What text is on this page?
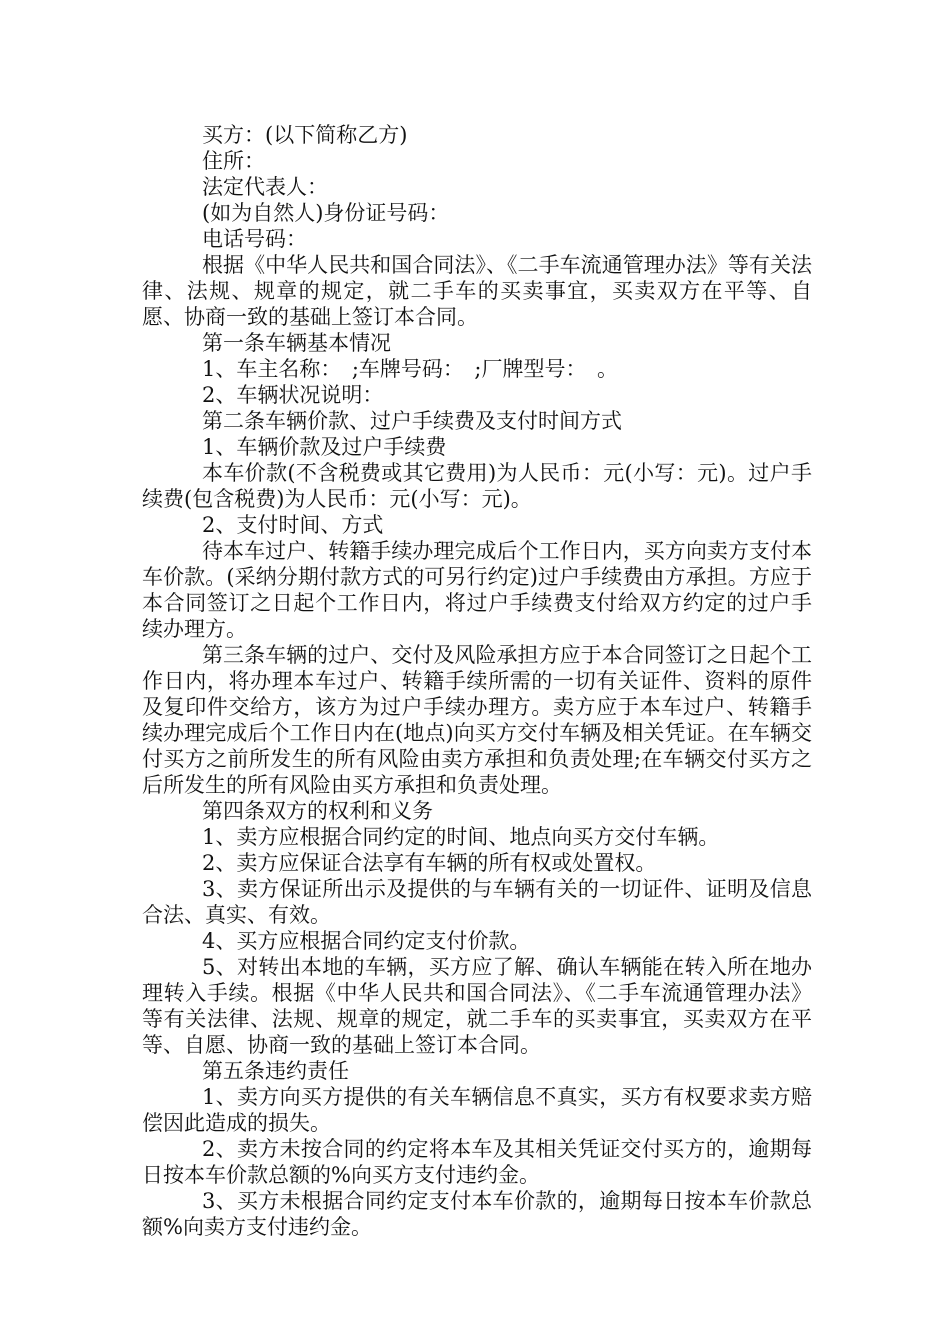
买方：(以下简称乙方)

住所：

法定代表人：

(如为自然人)身份证号码：

电话号码：

根据《中华人民共和国合同法》、《二手车流通管理办法》等有关法律、法规、规章的规定，就二手车的买卖事宜，买卖双方在平等、自愿、协商一致的基础上签订本合同。

第一条车辆基本情况

1、车主名称：　;车牌号码：　;厂牌型号：　。

2、车辆状况说明：

第二条车辆价款、过户手续费及支付时间方式

1、车辆价款及过户手续费

本车价款(不含税费或其它费用)为人民币：元(小写：元)。过户手续费(包含税费)为人民币：元(小写：元)。

2、支付时间、方式

待本车过户、转籍手续办理完成后个工作日内，买方向卖方支付本车价款。(采纳分期付款方式的可另行约定)过户手续费由方承担。方应于本合同签订之日起个工作日内，将过户手续费支付给双方约定的过户手续办理方。

第三条车辆的过户、交付及风险承担方应于本合同签订之日起个工作日内，将办理本车过户、转籍手续所需的一切有关证件、资料的原件及复印件交给方，该方为过户手续办理方。卖方应于本车过户、转籍手续办理完成后个工作日内在(地点)向买方交付车辆及相关凭证。在车辆交付买方之前所发生的所有风险由卖方承担和负责处理;在车辆交付买方之后所发生的所有风险由买方承担和负责处理。

第四条双方的权利和义务

1、卖方应根据合同约定的时间、地点向买方交付车辆。

2、卖方应保证合法享有车辆的所有权或处置权。

3、卖方保证所出示及提供的与车辆有关的一切证件、证明及信息合法、真实、有效。

4、买方应根据合同约定支付价款。

5、对转出本地的车辆，买方应了解、确认车辆能在转入所在地办理转入手续。根据《中华人民共和国合同法》、《二手车流通管理办法》等有关法律、法规、规章的规定，就二手车的买卖事宜，买卖双方在平等、自愿、协商一致的基础上签订本合同。

第五条违约责任

1、卖方向买方提供的有关车辆信息不真实，买方有权要求卖方赔偿因此造成的损失。

2、卖方未按合同的约定将本车及其相关凭证交付买方的，逾期每日按本车价款总额的%向买方支付违约金。

3、买方未根据合同约定支付本车价款的，逾期每日按本车价款总额%向卖方支付违约金。
